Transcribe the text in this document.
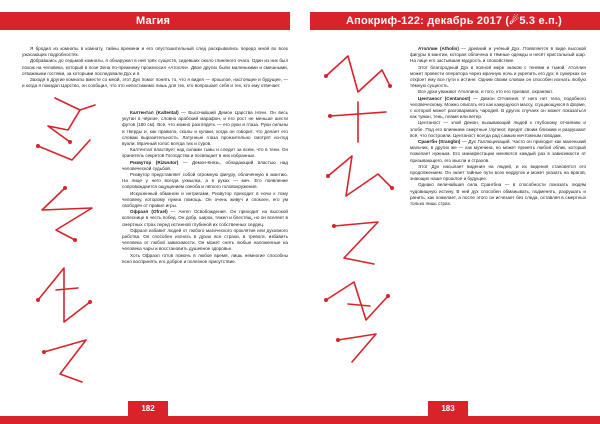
Магия

Я бродил из комнаты в комнату, тайны времени и его опустошительный след раскрывались передо мной во всех ужасающих подробностях.

Добравшись до седьмой комнаты, я обнаружил в ней трёх существ, сидевших около глиняного очага. Один из них был похож на человека, который в позе Зена по-прежнему произносил «Атолли». Двое других были маленькими и смешными, отважными гостями, за которыми последовали Дух и я.

Заходя в другие комнаты вместе со мной, этот Дух помог понять то, что я видел — прошлое, настоящее и будущее, — и когда я покидал Царство, он сообщил, что это непостижимо лишь для тех, кто вопрошает себя и тех, кто ему отвечает.

Калтентал (Kaltental) — Высочайший Демон Царства Ночи. Он весь укутан в чёрное, словно арабский марафон, и его рост не меньше шести футов (180 см). Всё, что можно разглядеть — его руки и глаза. Руки сильны и тверды и, как правило, скалы и кулаки, когда он говорит, что делает его словам выразительность. Латунные глаза пронзительно смотрят из-под вуали. Мрачный голос всегда тих и суров.

Калтентал властвует над силами тьмы и следит за всем, что в тени. Он хранитель секретов Господства и посвящает в них избранных.

Ризвутор (Rizwutor) — Демон-Князь, обладающий властью над человеческой судьбой.

Ризвутор представляет собой огромную фигуру, облачённую в мантию. На лице у него всегда ухмылка, а в руках — меч. Его появление сопровождается ощущением озноба и лёгкого головокружения.

Искушенный обманом и интригами, Ризвутор приходит в ночи к тому человеку, которому нужна помощь. Он очень живуч и спокоен, его ум свободен от правил игры.

Офраэл (Ofrael) — Ангел Освобождения. Он приходит на высокой колеснице в честь побед. Он добр, широк, тяжел и блестящ, но он вселяет в смертных страх перед истинной глубиной их собственных сердец.

Офраэл избавит людей от любого магического проклятия или духовного рабства. Он способен изгнать в духах все страхи, в тревоги, избавить человека от любой зависимости. Он может снять любые наложенные на человека чары и восстановить душевное здоровье.

Хоть Офраэл готов помочь в любое время, лишь немногие способны ясно воспринять его доброе и полезное присутствие.

182
Апокриф-122: декабрь 2017 (☄5.3 е.п.)

Атоллин (Atholin) — древний и учёный Дух. Появляется в виде высокой фигуры в мантии, которая облачена в тёмные одежды и несёт кристальный шар. На лице его застывшая мудрость и спокойствие.

Этот благородный Дух в полной мере знаком с тенями и тьмой. Атоллин может провести оператора через мрачную ночь и укрепить его дух; в сумерках он откроет ему все пути к истине. Одним своим словом он способен изгнать любую тёмную сущность.

Все духи уважают Атоллина, и того, кто его призвал, охраняют.

Центаност (Centanost) — Демон Отчаяния. У него нет тела, подобного человеческому. Можно описать его как кажущуюся массу, сгущающуюся в форме, с которой может разговаривать чародей. В других случаях он может показаться как туман, тень, пламя или ветер.

Центаност — злой Демон, вызывающий людей к глубокому отчаянию и злобе. Под его влиянием смертные глупеют, вредят своим близким и разрушают всё, что построили. Центаност всегда рад самым ничтожным поводам.

Срангбн (Srangbn) — Дух Галлюцинаций. Часто он приходит как маленький мальчик, в других же — как мужчина, но может принять любой облик, который пожелает нужным. Его манифестации меняются каждый раз в зависимости от призывающего, его мысли и страхов.

Этот Дух насылает видения на людей, и их видения становятся его продолжением. Он знает тайные пути всех недругов и может указать на врагов, знающих наше прошлое и будущее.

Однако величайшая сила Срангбна — в способности показать людям чудовищную истину. В ней дух способен обманывать, подменять, разрушать и ранить, как пожелает, а после этого он исчезает без следа, оставляя в смертных только лишь страх.

183
